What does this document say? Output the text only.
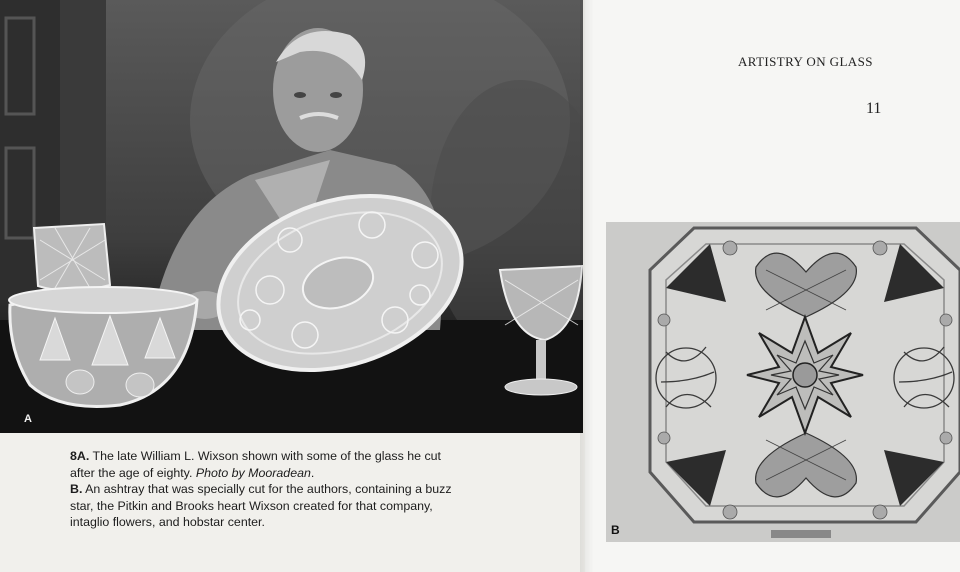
A
8A. The late William L. Wixson shown with some of the glass he cut after the age of eighty. Photo by Mooradean.
B. An ashtray that was specially cut for the authors, containing a buzz star, the Pitkin and Brooks heart Wixson created for that company, intaglio flowers, and hobstar center.
ARTISTRY ON GLASS
11
B
